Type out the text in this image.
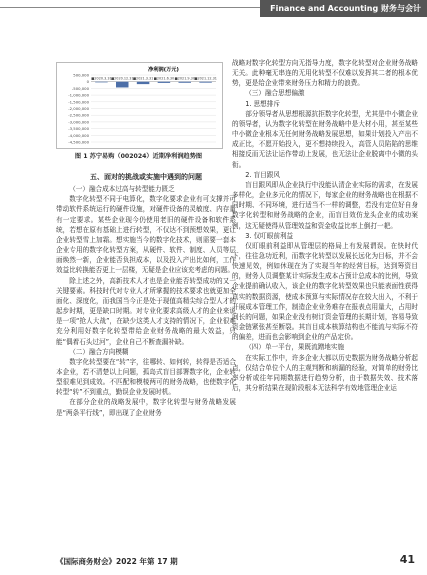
Finance and Accounting 财务与会计
净利润(万元)
500,000
0
-500,000
-1,000,000
-1,500,000
-2,000,000
-2,500,000
-3,000,000
-3,500,000
-4,000,000
-4,500,000
■2020.3.31 ■2020.12.31 ■2021.3.31 ■2021.6.30 ■2021.9.30 ■2021.12.31
图 1 苏宁易购（002024）近期净利润趋势图
五、面对的挑战或实施中遇到的问题
（一）融合成本过高与转型能力匮乏

数字化转型不同于电算化，数字化要求企业有可支撑并可带动软件系统运行的硬件设施，对硬件设备的灵敏度、内存量有一定要求。某些企业现今仍使用老旧的硬件设备和软件系统，若想在原有基础上进行转型，不仅达不到预想效果，更让企业转型雪上加霜。想实施当今的数字化技术，则需要一套本企业专用的数字化转型方案，从硬件、软件、制度、人员等层面焕然一新，企业能否负担成本，以及投入产出比如何，工作效益比转换能否更上一层楼，无疑是企业应该充考虑的问题。

除上述之外，高新技术人才也是企业能否转型成功的又一关键要素。科技时代对专业人才所掌握的技术要求也就更加全面化、深度化，而我国当今正是处于现值高精尖综合型人才的起步时期，更是缺口时期。对专业化要求高级人才的企业来说是一项“抢人大战”，在缺少这类人才支持的情况下，企业很难充分利用好数字化转型带给企业财务战略的最大效益，只能“偶着石头过河”，企业自己不断查漏补缺。

（二）融合方向模糊

数字化转型要在“转”字，往哪转、如何转，转得是否适合本企业，若不清楚以上问题，孤岛式盲目部署数字化，企业转型很难见到成效。不匹配和模棱两可的财务战略，也使数字化转型“转”不到重点，勤误企业发展时机。

在部分企业的战略发展中，数字化转型与财务战略发展是“两条平行线”，即出现了企业财务

战略对数字化转型方向无指导力度，数字化转型对企业财务战略无关。此种毫无串连的无用化转型不仅难以发挥其二者的根本优势，更是给企业带来财务压力和精力的浪费。

（三）融合思想偏激
1. 思想排斥

部分领导者从思想根源抗拒数字化转型，尤其是中小微企业的领导者，认为数字化转型在财务战略中是大材小用，甚至某些中小微企业根本无任何财务战略发展思想，如果计划投入产出不成正比，不愿开始投入，更不想持续投入，高管人员陷陷的思维相接反而无法让运作带动上发展，也无法让企业脱离中小微的头衔。

2. 盲目跟风

盲目跟风即从企业执行中没能认清企业实际的需求，在发展多样化，企业多元化的情况下，每家企业的财务战略也在根据不同时期、不同环境，进行适当不一样的调整，若没有定位好自身数字化转型和财务战略的企业，而盲目效仿龙头企业的成功案例，这无疑使得从管理效益和资金收益比率上倒打一耙。

3. 仅叮眼前利益

仅盯眼前利益即从管理层的格局上有发展谓误。在快时代下，往往急功近利，而数字化转型以发展长远化为目标，并不会快速见效，例如休现在为了实现当年的经营目标，达到筹资目的，财务人员调整某计实际发生成本占预计总成本的比例，导致企业提前确认收入，该企业的数字化转型效果也只能表面性获得真实的数据资源，使成本预算与实际情况存在较大出入，不利于开展成本管理工作，制造企业业务难存在报表点用量大，占用时间长的问题，如果企业没有树订资金管理的长期计划，容易导致资金链紧张甚至断裂。其盲目成本核算结构也不能流与实际不符的偏差，进而也会影响到企业的产品定价。

（四）单一平台，果既流蹭地实施

在实际工作中，许多企业大都以历史数据为财务战略分析起点，仅结合单位个人的主观判断和病漏的经验，对简单的财务比率分析或往年同期数据进行趋势分析，由于数据失效、技术落后，其分析结果在现阶段根本无法科学有效地管理企业运

《国际商务财会》2022 年第 17 期	41
